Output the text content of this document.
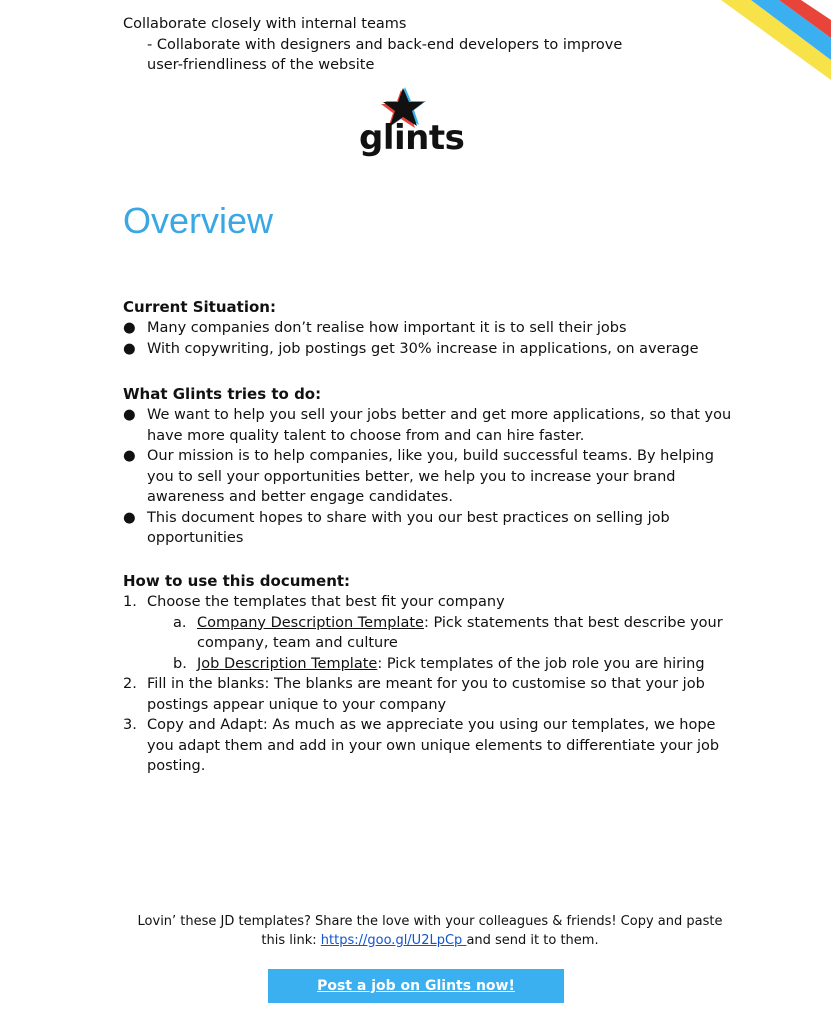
Collaborate closely with internal teams
- Collaborate with designers and back-end developers to improve
user-friendliness of the website
glints
Overview
Current Situation:
● Many companies don’t realise how important it is to sell their jobs
● With copywriting, job postings get 30% increase in applications, on average
What Glints tries to do:
● We want to help you sell your jobs better and get more applications, so that you have more quality talent to choose from and can hire faster.
● Our mission is to help companies, like you, build successful teams. By helping you to sell your opportunities better, we help you to increase your brand awareness and better engage candidates.
● This document hopes to share with you our best practices on selling job opportunities
How to use this document:
1. Choose the templates that best fit your company
a. Company Description Template: Pick statements that best describe your company, team and culture
b. Job Description Template: Pick templates of the job role you are hiring
2. Fill in the blanks: The blanks are meant for you to customise so that your job postings appear unique to your company
3. Copy and Adapt: As much as we appreciate you using our templates, we hope you adapt them and add in your own unique elements to differentiate your job posting.
Lovin’ these JD templates? Share the love with your colleagues & friends! Copy and paste
this link: https://goo.gl/U2LpCp and send it to them.
Post a job on Glints now!
